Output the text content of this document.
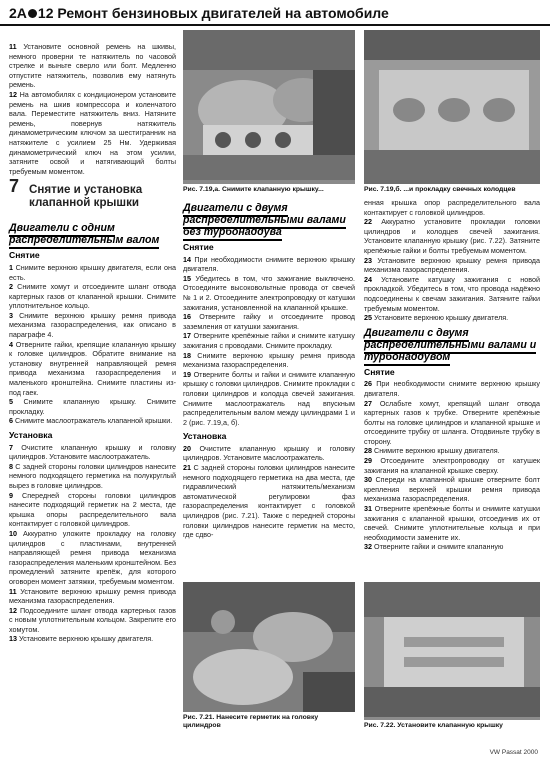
2A 12 Ремонт бензиновых двигателей на автомобиле

11 Установите основной ремень на шкивы, немного проверни те натяжитель по часовой стрелке и выньте сверло или болт. Медленно отпустите натяжитель, позволив ему натянуть ремень.

12 На автомобилях с кондиционером установите ремень на шкив компрессора и коленчатого вала. Переместите натяжитель вниз. Натяните ремень, повернув натяжитель динамометрическим ключом за шестигранник на натяжителе с усилием 25 Нм. Удерживая динамометрический ключ на этом усилии, затяните освой и натягивающий болты требуемым моментом.

7 Снятие и установка клапанной крышки
Двигатели с одним распределительным валом
Снятие

1 Снимите верхнюю крышку двигателя, если она есть.

2 Снимите хомут и отсоедините шланг отвода картерных газов от клапанной крышки. Снимите уплотнительное кольцо.

3 Снимите верхнюю крышку ремня привода механизма газораспределения, как описано в параграфе 4.

4 Отверните гайки, крепящие клапанную крышку к головке цилиндров. Обратите внимание на установку внутренней направляющей ремня привода механизма газораспределения и маленького кронштейна. Снимите пластины из-под гаек.

5 Снимите клапанную крышку. Снимите прокладку.

6 Снимите маслоотражатель клапанной крышки.

Установка

7 Очистите клапанную крышку и головку цилиндров. Установите маслоотражатель.

8 С задней стороны головки цилиндров нанесите немного подходящего герметика на полукруглый вырез в головке цилиндров.

9 Спередней стороны головки цилиндров нанесите подходящий герметик на 2 места, где крышка опоры распределительного вала контактирует с головкой цилиндров.

10 Аккуратно уложите прокладку на головку цилиндров с пластинами, внутренней направляющей ремня привода механизма газораспределения маленьким кронштейном. Без промедлений затяните крепёж, для которого оговорен момент затяжки, требуемым моментом.

11 Установите верхнюю крышку ремня привода механизма газораспределения.

12 Подсоедините шланг отвода картерных газов с новым уплотнительным кольцом. Закрепите его хомутом.

13 Установите верхнюю крышку двигателя.

Рис. 7.19,а. Снимите клапанную крышку...	Рис. 7.19,б. ...и прокладку свечных колодцев
Двигатели с двумя распределительными валами без турбонаддува
Снятие

14 При необходимости снимите верхнюю крышку двигателя.

15 Убедитесь в том, что зажигание выключено. Отсоедините высоковольтные провода от свечей № 1 и 2. Отсоедините электропроводку от катушки зажигания, установленной на клапанной крышке.

16 Отверните гайку и отсоедините провод заземления от катушки зажигания.

17 Отверните крепёжные гайки и снимите катушку зажигания с проводами. Снимите прокладку.

18 Снимите верхнюю крышку ремня привода механизма газораспределения.

19 Отверните болты и гайки и снимите клапанную крышку с головки цилиндров. Снимите прокладки с головки цилиндров и колодца свечей зажигания. Снимите маслоотражатель над впускным распределительным валом между цилиндрами 1 и 2 (рис. 7.19,а, б).

Установка

20 Очистите клапанную крышку и головку цилиндров. Установите маслоотражатель.

21 С задней стороны головки цилиндров нанесите немного подходящего герметика на два места, где гидравлический натяжитель/механизм автоматической регулировки фаз газораспределения контактирует с головкой цилиндров (рис. 7.21). Также с передней стороны головки цилиндров нанесите герметик на место, где сдво-

енная крышка опор распределительного вала контактирует с головкой цилиндров.

22 Аккуратно установите прокладки головки цилиндров и колодцев свечей зажигания. Установите клапанную крышку (рис. 7.22). Затяните крепёжные гайки и болты требуемым моментом.

23 Установите верхнюю крышку ремня привода механизма газораспределения.

24 Установите катушку зажигания с новой прокладкой. Убедитесь в том, что провода надёжно подсоединены к свечам зажигания. Затяните гайки требуемым моментом.

25 Установите верхнюю крышку двигателя.

Двигатели с двумя распределительными валами и турбонаддувом
Снятие

26 При необходимости снимите верхнюю крышку двигателя.

27 Ослабьте хомут, крепящий шланг отвода картерных газов к трубке. Отверните крепёжные болты на головке цилиндров и клапанной крышке и отсоедините трубку от шланга. Отодвиньте трубку в сторону.

28 Снимите верхнюю крышку двигателя.

29 Отсоедините электропроводку от катушек зажигания на клапанной крышке сверху.

30 Спереди на клапанной крышке отверните болт крепления верхней крышки ремня привода механизма газораспределения.

31 Отверните крепёжные болты и снимите катушки зажигания с клапанной крышки, отсоединив их от свечей. Снимите уплотнительные кольца и при необходимости замените их.

32 Отверните гайки и снимите клапанную

Рис. 7.21. Нанесите герметик на головку цилиндров	Рис. 7.22. Установите клапанную крышку
VW Passat 2000
